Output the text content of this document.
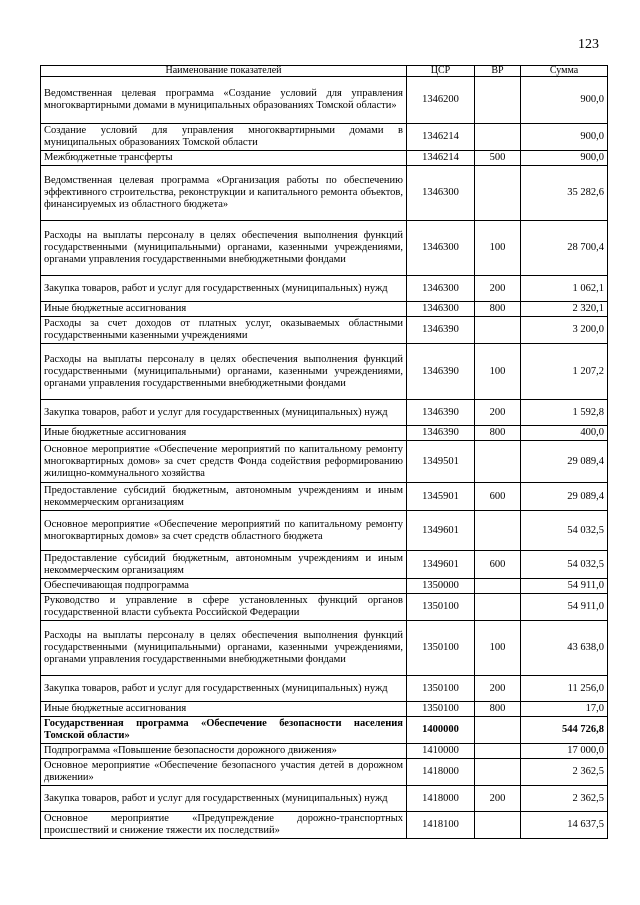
123
Наименование показателей	ЦСР	ВР	Сумма
Ведомственная целевая программа «Создание условий для управления многоквартирными домами в муниципальных образованиях Томской области»	1346200		900,0
Создание условий для управления многоквартирными домами в муниципальных образованиях Томской области	1346214		900,0
Межбюджетные трансферты	1346214	500	900,0
Ведомственная целевая программа «Организация работы по обеспечению эффективного строительства, реконструкции и капитального ремонта объектов, финансируемых из областного бюджета»	1346300		35 282,6
Расходы на выплаты персоналу в целях обеспечения выполнения функций государственными (муниципальными) органами, казенными учреждениями, органами управления государственными внебюджетными фондами	1346300	100	28 700,4
Закупка товаров, работ и услуг для государственных (муниципальных) нужд	1346300	200	1 062,1
Иные бюджетные ассигнования	1346300	800	2 320,1
Расходы за счет доходов от платных услуг, оказываемых областными государственными казенными учреждениями	1346390		3 200,0
Расходы на выплаты персоналу в целях обеспечения выполнения функций государственными (муниципальными) органами, казенными учреждениями, органами управления государственными внебюджетными фондами	1346390	100	1 207,2
Закупка товаров, работ и услуг для государственных (муниципальных) нужд	1346390	200	1 592,8
Иные бюджетные ассигнования	1346390	800	400,0
Основное мероприятие «Обеспечение мероприятий по капитальному ремонту многоквартирных домов» за счет средств Фонда содействия реформированию жилищно-коммунального хозяйства	1349501		29 089,4
Предоставление субсидий бюджетным, автономным учреждениям и иным некоммерческим организациям	1345901	600	29 089,4
Основное мероприятие «Обеспечение мероприятий по капитальному ремонту многоквартирных домов» за счет средств областного бюджета	1349601		54 032,5
Предоставление субсидий бюджетным, автономным учреждениям и иным некоммерческим организациям	1349601	600	54 032,5
Обеспечивающая подпрограмма	1350000		54 911,0
Руководство и управление в сфере установленных функций органов государственной власти субъекта Российской Федерации	1350100		54 911,0
Расходы на выплаты персоналу в целях обеспечения выполнения функций государственными (муниципальными) органами, казенными учреждениями, органами управления государственными внебюджетными фондами	1350100	100	43 638,0
Закупка товаров, работ и услуг для государственных (муниципальных) нужд	1350100	200	11 256,0
Иные бюджетные ассигнования	1350100	800	17,0
Государственная программа «Обеспечение безопасности населения Томской области»	1400000		544 726,8
Подпрограмма «Повышение безопасности дорожного движения»	1410000		17 000,0
Основное мероприятие «Обеспечение безопасного участия детей в дорожном движении»	1418000		2 362,5
Закупка товаров, работ и услуг для государственных (муниципальных) нужд	1418000	200	2 362,5
Основное мероприятие «Предупреждение дорожно-транспортных происшествий и снижение тяжести их последствий»	1418100		14 637,5
